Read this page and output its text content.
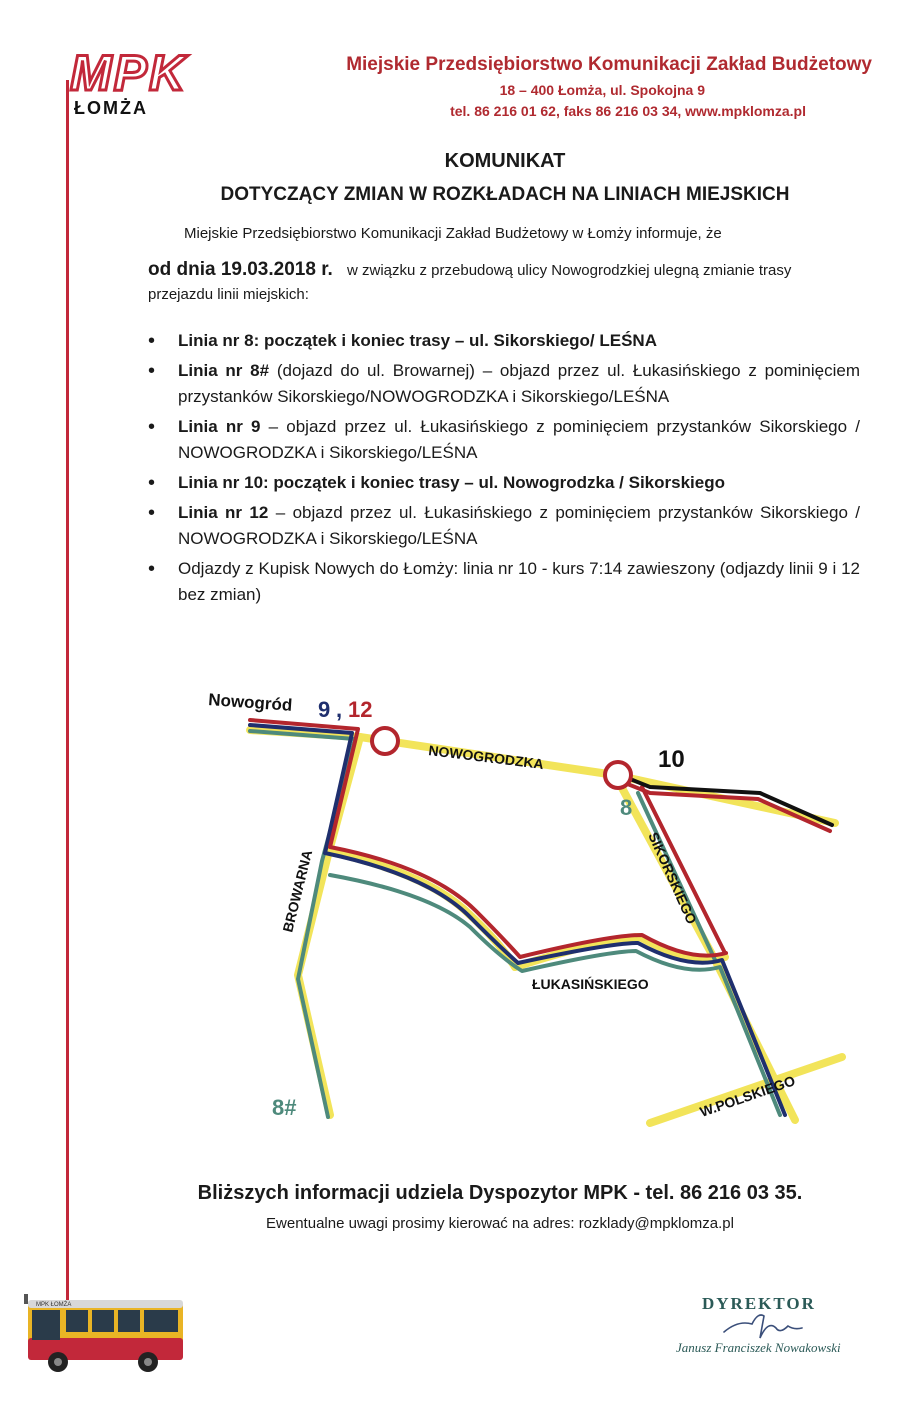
MPK
ŁOMŻA
Miejskie Przedsiębiorstwo Komunikacji Zakład Budżetowy
18 – 400 Łomża, ul. Spokojna 9
tel. 86 216 01 62, faks 86 216 03 34, www.mpklomza.pl
KOMUNIKAT
DOTYCZĄCY ZMIAN W ROZKŁADACH NA LINIACH MIEJSKICH
Miejskie Przedsiębiorstwo Komunikacji Zakład Budżetowy w Łomży informuje, że
od dnia 19.03.2018 r. w związku z przebudową ulicy Nowogrodzkiej ulegną zmianie trasy przejazdu linii miejskich:
• Linia nr 8: początek i koniec trasy – ul. Sikorskiego/ LEŚNA
• Linia nr 8# (dojazd do ul. Browarnej) – objazd przez ul. Łukasińskiego z pominięciem przystanków Sikorskiego/NOWOGRODZKA i Sikorskiego/LEŚNA
• Linia nr 9 – objazd przez ul. Łukasińskiego z pominięciem przystanków Sikorskiego / NOWOGRODZKA i Sikorskiego/LEŚNA
• Linia nr 10: początek i koniec trasy – ul. Nowogrodzka / Sikorskiego
• Linia nr 12 – objazd przez ul. Łukasińskiego z pominięciem przystanków Sikorskiego / NOWOGRODZKA i Sikorskiego/LEŚNA
• Odjazdy z Kupisk Nowych do Łomży: linia nr 10 - kurs 7:14 zawieszony (odjazdy linii 9 i 12 bez zmian)
Nowogród 9 , 12
NOWOGRODZKA	10
8
BROWARNA	SIKORSKIEGO
ŁUKASIŃSKIEGO
W.POLSKIEGO
8#
Bliższych informacji udziela Dyspozytor MPK - tel. 86 216 03 35.
Ewentualne uwagi prosimy kierować na adres: rozklady@mpklomza.pl
MPK ŁOMŻA	DYREKTOR
Janusz Franciszek Nowakowski
